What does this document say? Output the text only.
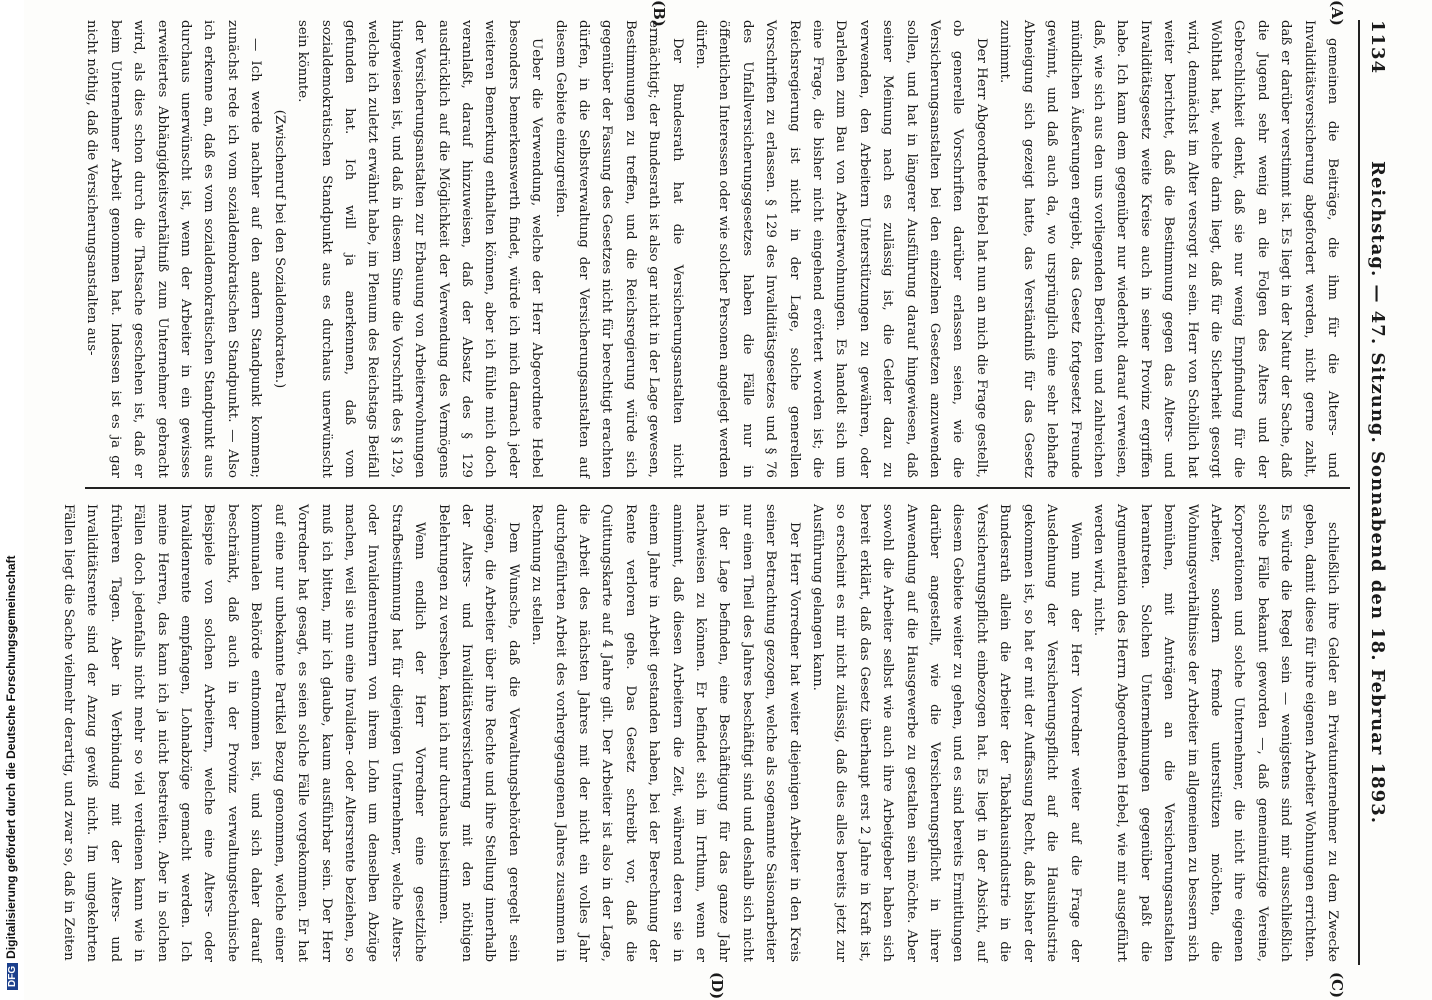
1134
Reichstag. — 47. Sitzung. Sonnabend den 18. Februar 1893.
(A)
(B)
(C)
(D)

gemeinen die Beiträge, die ihm für die Alters- und Invaliditätsversicherung abgefordert werden, nicht gerne zahlt, daß er darüber verstimmt ist. Es liegt in der Natur der Sache, daß die Jugend sehr wenig an die Folgen des Alters und der Gebrechlichkeit denkt, daß sie nur wenig Empfindung für die Wohlthat hat, welche darin liegt, daß für die Sicherheit gesorgt wird, demnächst im Alter versorgt zu sein. Herr von Schöllich hat weiter berichtet, daß die Bestimmung gegen das Alters- und Invaliditätsgesetz weite Kreise auch in seiner Provinz ergriffen habe. Ich kann dem gegenüber nur wiederholt darauf verweisen, daß, wie sich aus den uns vorliegenden Berichten und zahlreichen mündlichen Äußerungen ergiebt, das Gesetz fortgesetzt Freunde gewinnt, und daß auch da, wo ursprünglich eine sehr lebhafte Abneigung sich gezeigt hatte, das Verständniß für das Gesetz zunimmt.

Der Herr Abgeordnete Hebel hat nun an mich die Frage gestellt, ob generelle Vorschriften darüber erlassen seien, wie die Versicherungsanstalten bei den einzelnen Gesetzen anzuwenden sollen, und hat in längerer Ausführung darauf hingewiesen, daß seiner Meinung nach es zulässig ist, die Gelder dazu zu verwenden, den Arbeitern Unterstützungen zu gewähren, oder Darlehen zum Bau von Arbeiterwohnungen. Es handelt sich um eine Frage, die bisher nicht eingehend erörtert worden ist; die Reichsregierung ist nicht in der Lage, solche generellen Vorschriften zu erlassen. § 129 des Invaliditätsgesetzes und § 76 des Unfallversicherungsgesetzes haben die Fälle nur in öffentlichen Interessen oder wie solcher Personen angelegt werden dürfen.

Der Bundesrath hat die Versicherungsanstalten nicht ermächtigt; der Bundesrath ist also gar nicht in der Lage gewesen, Bestimmungen zu treffen, und die Reichsregierung würde sich gegenüber der Fassung des Gesetzes nicht für berechtigt erachten dürfen, in die Selbstverwaltung der Versicherungsanstalten auf diesem Gebiete einzugreifen.

Ueber die Verwendung, welche der Herr Abgeordnete Hebel besonders bemerkenswerth findet, würde ich mich darnach jeder weiteren Bemerkung enthalten können, aber ich fühle mich doch veranlaßt, darauf hinzuweisen, daß der Absatz des § 129 ausdrücklich auf die Möglichkeit der Verwendung des Vermögens der Versicherungsanstalten zur Erbauung von Arbeiterwohnungen hingewiesen ist, und daß in diesem Sinne die Vorschrift des § 129, welche ich zuletzt erwähnt habe, im Plenum des Reichstags Beifall gefunden hat. Ich will ja anerkennen, daß vom sozialdemokratischen Standpunkt aus es durchaus unerwünscht sein könnte.

(Zwischenruf bei den Sozialdemokraten.)

— Ich werde nachher auf den andern Standpunkt kommen; zunächst rede ich vom sozialdemokratischen Standpunkt. — Also ich erkenne an, daß es vom sozialdemokratischen Standpunkt aus durchaus unerwünscht ist, wenn der Arbeiter in ein gewisses erweitertes Abhängigkeitsverhältniß zum Unternehmer gebracht wird, als dies schon durch die Thatsache geschehen ist, daß er beim Unternehmer Arbeit genommen hat. Indessen ist es ja gar nicht nöthig, daß die Versicherungsanstalten aus-

schließlich ihre Gelder an Privatunternehmer zu dem Zwecke geben, damit diese für ihre eigenen Arbeiter Wohnungen errichten. Es würde die Regel sein — wenigstens sind mir ausschließlich solche Fälle bekannt geworden —, daß gemeinnützige Vereine, Korporationen und solche Unternehmer, die nicht ihre eigenen Arbeiter, sondern fremde unterstützen möchten, die Wohnungsverhältnisse der Arbeiter im allgemeinen zu bessern sich bemühen, mit Anträgen an die Versicherungsanstalten herantreten. Solchen Unternehmungen gegenüber paßt die Argumentation des Herrn Abgeordneten Hebel, wie mir ausgeführt werden wird, nicht.

Wenn nun der Herr Vorredner weiter auf die Frage der Ausdehnung der Versicherungspflicht auf die Hausindustrie gekommen ist, so hat er mit der Auffassung Recht, daß bisher der Bundesrath allein die Arbeiter der Tabakhausindustrie in die Versicherungspflicht einbezogen hat. Es liegt in der Absicht, auf diesem Gebiete weiter zu gehen, und es sind bereits Ermittlungen darüber angestellt, wie die Versicherungspflicht in ihrer Anwendung auf die Hausgewerbe zu gestalten sein möchte. Aber sowohl die Arbeiter selbst wie auch ihre Arbeitgeber haben sich bereit erklärt, daß das Gesetz überhaupt erst 2 Jahre in Kraft ist, so erscheint es mir nicht zulässig, daß dies alles bereits jetzt zur Ausführung gelangen kann.

Der Herr Vorredner hat weiter diejenigen Arbeiter in den Kreis seiner Betrachtung gezogen, welche als sogenannte Saisonarbeiter nur einen Theil des Jahres beschäftigt sind und deshalb sich nicht in der Lage befinden, eine Beschäftigung für das ganze Jahr nachweisen zu können. Er befindet sich im Irrthum, wenn er annimmt, daß diesen Arbeitern die Zeit, während deren sie in einem Jahre in Arbeit gestanden haben, bei der Berechnung der Rente verloren gehe. Das Gesetz schreibt vor, daß die Quittungskarte auf 4 Jahre gilt. Der Arbeiter ist also in der Lage, die Arbeit des nächsten Jahres mit der nicht ein volles Jahr durchgeführten Arbeit des vorhergegangenen Jahres zusammen in Rechnung zu stellen.

Dem Wunsche, daß die Verwaltungsbehörden geregelt sein mögen, die Arbeiter über ihre Rechte und ihre Stellung innerhalb der Alters- und Invaliditätsversicherung mit den nöthigen Belehrungen zu versehen, kann ich nur durchaus beistimmen.

Wenn endlich der Herr Vorredner eine gesetzliche Strafbestimmung hat für diejenigen Unternehmer, welche Alters- oder Invalidenrentnern von ihrem Lohn um denselben Abzüge machen, weil sie nun eine Invaliden- oder Altersrente beziehen, so muß ich bitten, mir ich glaube, kaum ausführbar sein. Der Herr Vorredner hat gesagt, es seien solche Fälle vorgekommen. Er hat auf eine nur unbekannte Partikel Bezug genommen, welche einer kommunalen Behörde entnommen ist, und sich daher darauf beschränkt, daß auch in der Provinz verwaltungstechnische Beispiele von solchen Arbeitern, welche eine Alters- oder Invalidenrente empfangen, Lohnabzüge gemacht werden. Ich meine Herren, das kann ich ja nicht bestreiten. Aber in solchen Fällen doch jedenfalls nicht mehr so viel verdienen kann wie in früheren Tagen. Aber in Verbindung mit der Alters- und Invaliditätsrente sind der Anzug gewiß nicht. Im umgekehrten Fällen liegt die Sache vielmehr derartig, und zwar so, daß in Zeiten

DFGDigitalisierung gefördert durch die Deutsche Forschungsgemeinschaft
